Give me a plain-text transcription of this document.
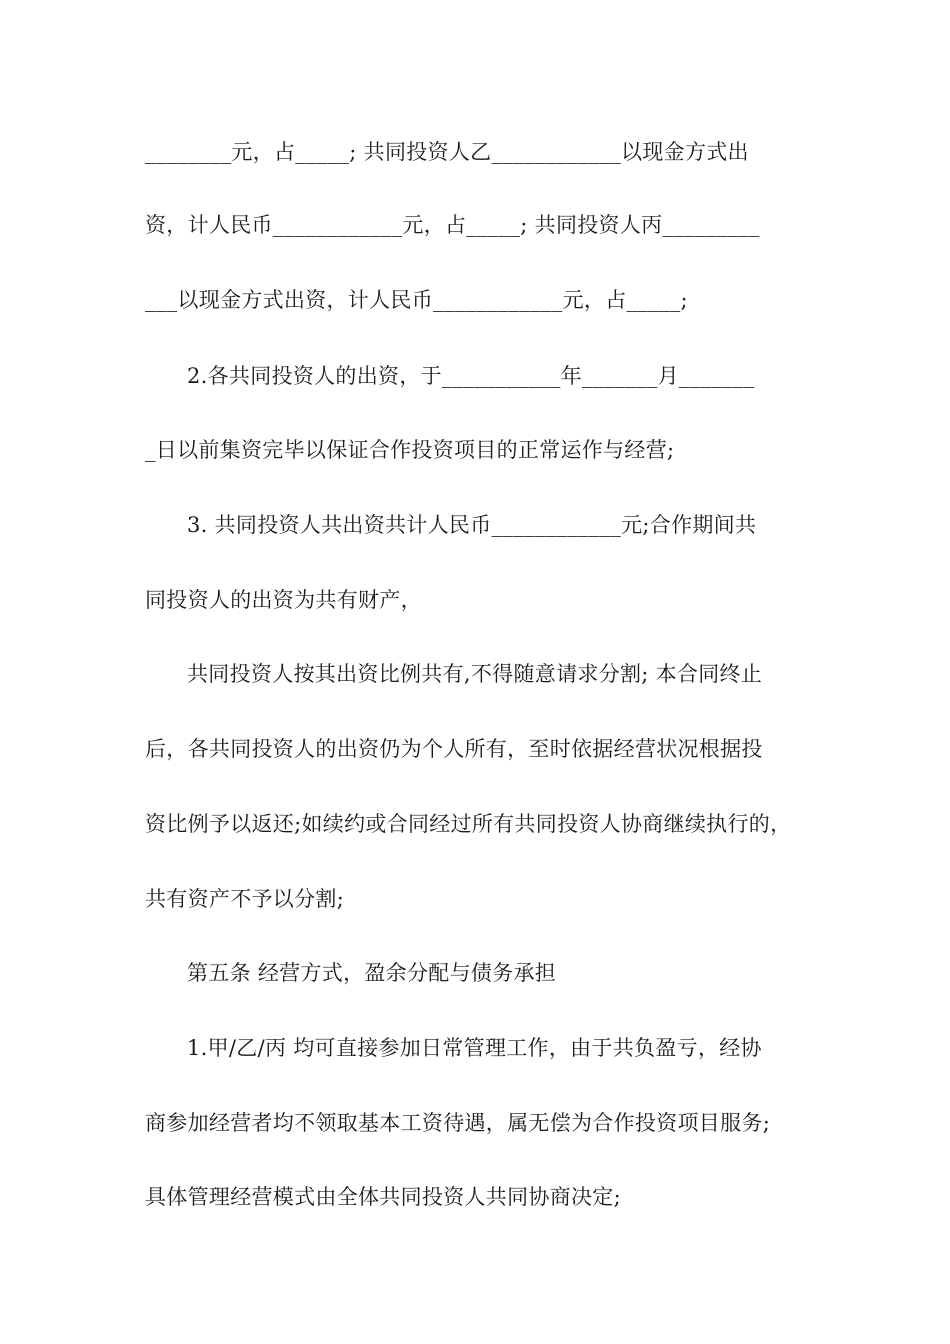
________元，占_____; 共同投资人乙____________以现金方式出
资，计人民币____________元，占_____; 共同投资人丙_________
___以现金方式出资，计人民币____________元，占_____;
2.各共同投资人的出资，于___________年_______月_______
_日以前集资完毕以保证合作投资项目的正常运作与经营;
3. 共同投资人共出资共计人民币____________元;合作期间共
同投资人的出资为共有财产，
共同投资人按其出资比例共有,不得随意请求分割; 本合同终止
后，各共同投资人的出资仍为个人所有，至时依据经营状况根据投
资比例予以返还;如续约或合同经过所有共同投资人协商继续执行的，
共有资产不予以分割;
第五条 经营方式，盈余分配与债务承担
1.甲/乙/丙 均可直接参加日常管理工作，由于共负盈亏，经协
商参加经营者均不领取基本工资待遇，属无偿为合作投资项目服务;
具体管理经营模式由全体共同投资人共同协商决定;
